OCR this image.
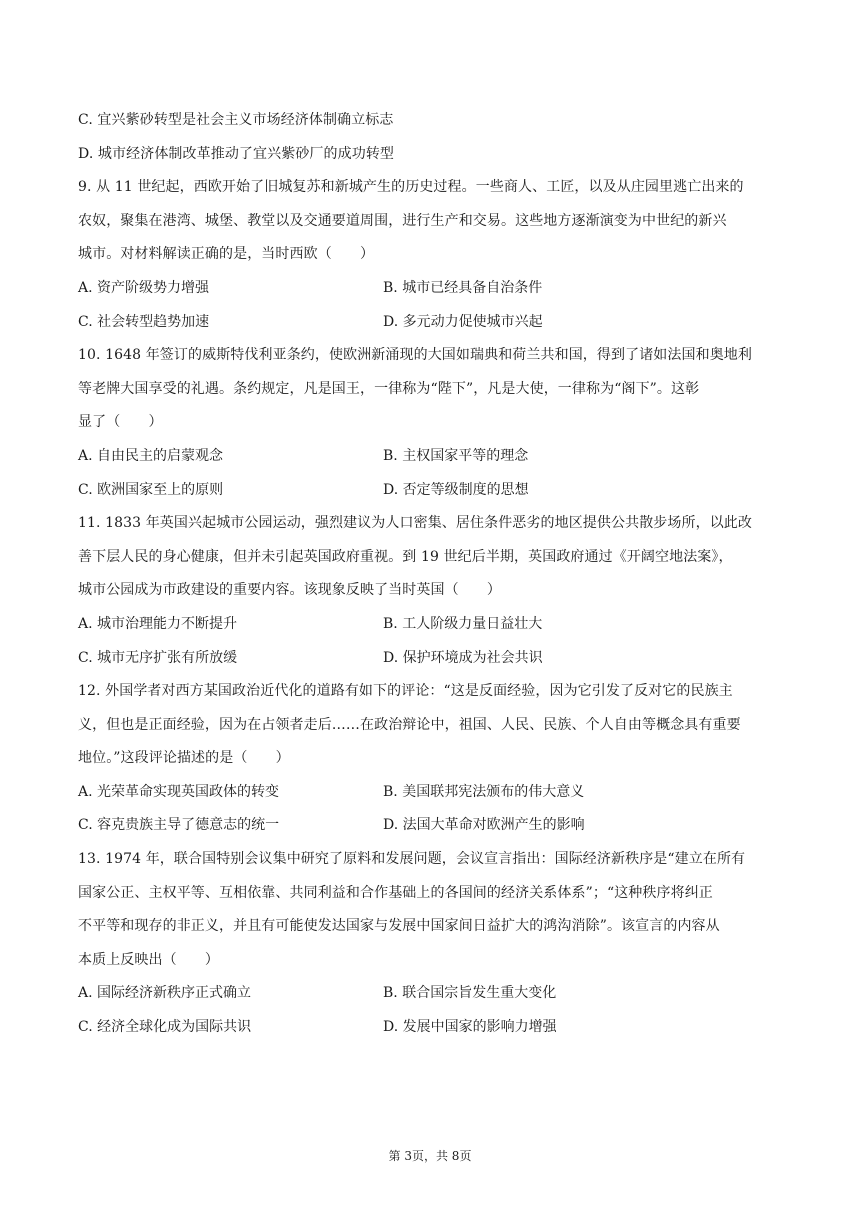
C. 宜兴紫砂转型是社会主义市场经济体制确立标志
D. 城市经济体制改革推动了宜兴紫砂厂的成功转型
9. 从 11 世纪起，西欧开始了旧城复苏和新城产生的历史过程。一些商人、工匠，以及从庄园里逃亡出来的
农奴，聚集在港湾、城堡、教堂以及交通要道周围，进行生产和交易。这些地方逐渐演变为中世纪的新兴
城市。对材料解读正确的是，当时西欧（　　）
A. 资产阶级势力增强	B. 城市已经具备自治条件
C. 社会转型趋势加速	D. 多元动力促使城市兴起
10. 1648 年签订的威斯特伐利亚条约，使欧洲新涌现的大国如瑞典和荷兰共和国，得到了诸如法国和奥地利
等老牌大国享受的礼遇。条约规定，凡是国王，一律称为“陛下”，凡是大使，一律称为“阁下”。这彰
显了（　　）
A. 自由民主的启蒙观念	B. 主权国家平等的理念
C. 欧洲国家至上的原则	D. 否定等级制度的思想
11. 1833 年英国兴起城市公园运动，强烈建议为人口密集、居住条件恶劣的地区提供公共散步场所，以此改
善下层人民的身心健康，但并未引起英国政府重视。到 19 世纪后半期，英国政府通过《开阔空地法案》，
城市公园成为市政建设的重要内容。该现象反映了当时英国（　　）
A. 城市治理能力不断提升	B. 工人阶级力量日益壮大
C. 城市无序扩张有所放缓	D. 保护环境成为社会共识
12. 外国学者对西方某国政治近代化的道路有如下的评论：“这是反面经验，因为它引发了反对它的民族主
义，但也是正面经验，因为在占领者走后……在政治辩论中，祖国、人民、民族、个人自由等概念具有重要
地位。”这段评论描述的是（　　）
A. 光荣革命实现英国政体的转变	B. 美国联邦宪法颁布的伟大意义
C. 容克贵族主导了德意志的统一	D. 法国大革命对欧洲产生的影响
13. 1974 年，联合国特别会议集中研究了原料和发展问题，会议宣言指出：国际经济新秩序是“建立在所有
国家公正、主权平等、互相依靠、共同利益和合作基础上的各国间的经济关系体系”；“这种秩序将纠正
不平等和现存的非正义，并且有可能使发达国家与发展中国家间日益扩大的鸿沟消除”。该宣言的内容从
本质上反映出（　　）
A. 国际经济新秩序正式确立	B. 联合国宗旨发生重大变化
C. 经济全球化成为国际共识	D. 发展中国家的影响力增强
第 3页，共 8页
